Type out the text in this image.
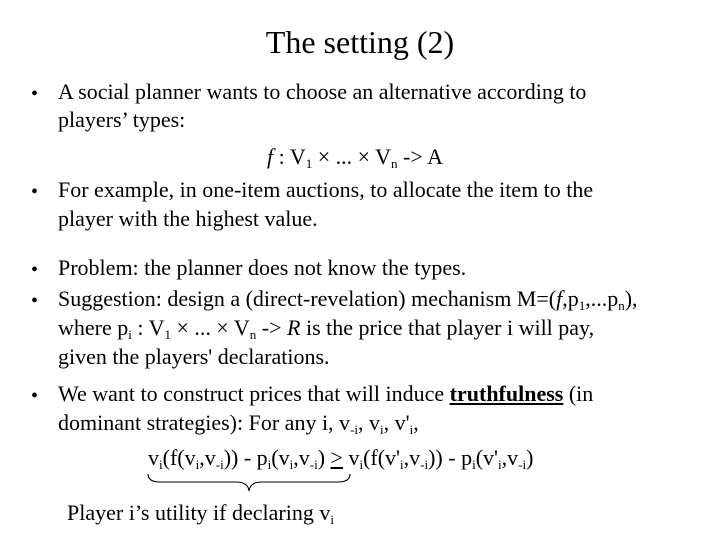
The setting (2)
• A social planner wants to choose an alternative according to
players’ types:
f : $V_1$ × ... × $V_n -> A$
• For example, in one-item auctions, to allocate the item to the
player with the highest value.
• Problem: the planner does not know the types.
• Suggestion: design a (direct-revelation) mechanism $M=(f,p_1,...p_n)$,
where $p_i$ : $V_1$ × ... × $V_n -> R$ is the price that player i will pay,
given the players' declarations.
• We want to construct prices that will induce truthfulness (in
dominant strategies): For any i, $v_{-i}$, $v_i$, $v'_i$,
$v_i(f(v_i,v_{-i})) - p_i(v_i,v_{-i}) \ge v_i(f(v'_i,v_{-i})) - p_i(v'_i,v_{-i})$
Player i’s utility if declaring $v_i$
